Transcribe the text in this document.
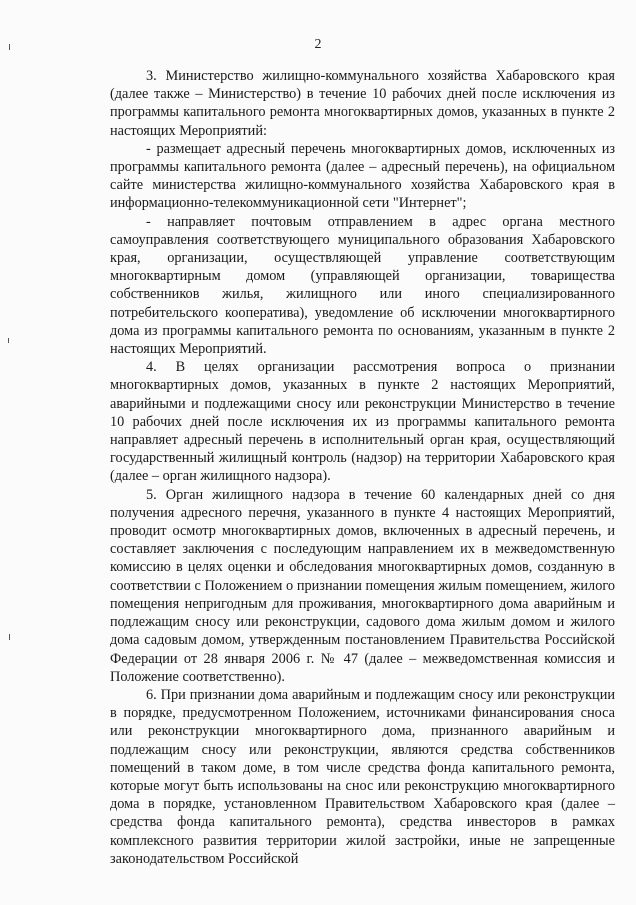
2

3. Министерство жилищно-коммунального хозяйства Хабаровского края (далее также – Министерство) в течение 10 рабочих дней после исключения из программы капитального ремонта многоквартирных домов, указанных в пункте 2 настоящих Мероприятий:

- размещает адресный перечень многоквартирных домов, исключенных из программы капитального ремонта (далее – адресный перечень), на официальном сайте министерства жилищно-коммунального хозяйства Хабаровского края в информационно-телекоммуникационной сети "Интернет";

- направляет почтовым отправлением в адрес органа местного самоуправления соответствующего муниципального образования Хабаровского края, организации, осуществляющей управление соответствующим многоквартирным домом (управляющей организации, товарищества собственников жилья, жилищного или иного специализированного потребительского кооператива), уведомление об исключении многоквартирного дома из программы капитального ремонта по основаниям, указанным в пункте 2 настоящих Мероприятий.

4. В целях организации рассмотрения вопроса о признании многоквартирных домов, указанных в пункте 2 настоящих Мероприятий, аварийными и подлежащими сносу или реконструкции Министерство в течение 10 рабочих дней после исключения их из программы капитального ремонта направляет адресный перечень в исполнительный орган края, осуществляющий государственный жилищный контроль (надзор) на территории Хабаровского края (далее – орган жилищного надзора).

5. Орган жилищного надзора в течение 60 календарных дней со дня получения адресного перечня, указанного в пункте 4 настоящих Мероприятий, проводит осмотр многоквартирных домов, включенных в адресный перечень, и составляет заключения с последующим направлением их в межведомственную комиссию в целях оценки и обследования многоквартирных домов, созданную в соответствии с Положением о признании помещения жилым помещением, жилого помещения непригодным для проживания, многоквартирного дома аварийным и подлежащим сносу или реконструкции, садового дома жилым домом и жилого дома садовым домом, утвержденным постановлением Правительства Российской Федерации от 28 января 2006 г. № 47 (далее – межведомственная комиссия и Положение соответственно).

6. При признании дома аварийным и подлежащим сносу или реконструкции в порядке, предусмотренном Положением, источниками финансирования сноса или реконструкции многоквартирного дома, признанного аварийным и подлежащим сносу или реконструкции, являются средства собственников помещений в таком доме, в том числе средства фонда капитального ремонта, которые могут быть использованы на снос или реконструкцию многоквартирного дома в порядке, установленном Правительством Хабаровского края (далее – средства фонда капитального ремонта), средства инвесторов в рамках комплексного развития территории жилой застройки, иные не запрещенные законодательством Российской
